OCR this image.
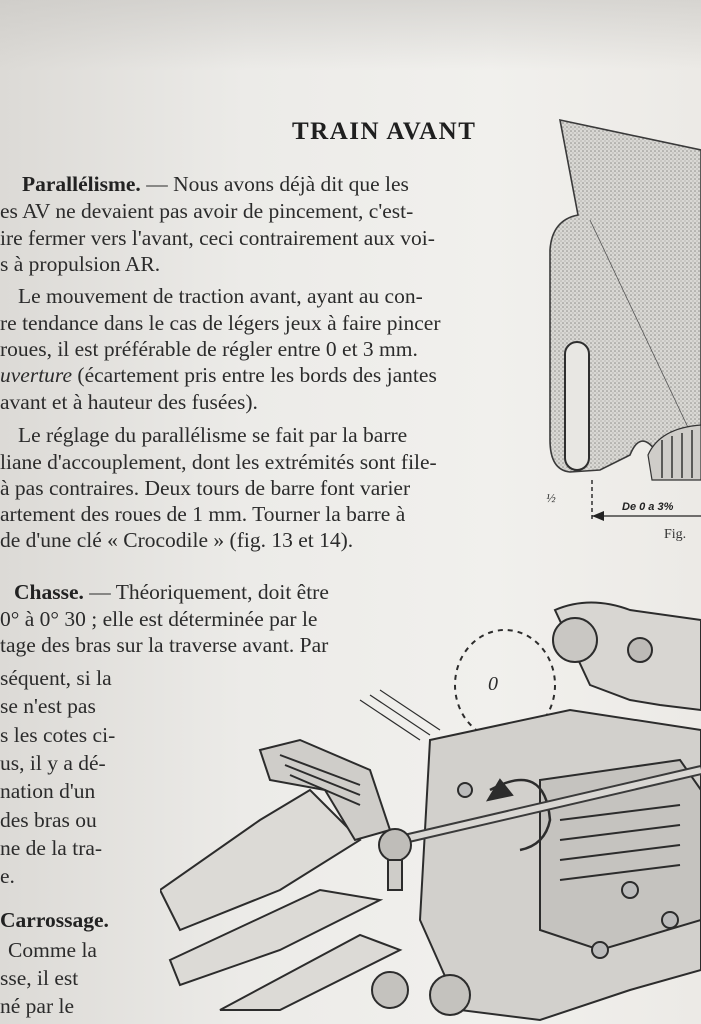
TRAIN AVANT
Parallélisme. — Nous avons déjà dit que les
es AV ne devaient pas avoir de pincement, c'est-
ire fermer vers l'avant, ceci contrairement aux voi-
s à propulsion AR.
Le mouvement de traction avant, ayant au con-
re tendance dans le cas de légers jeux à faire pincer
roues, il est préférable de régler entre 0 et 3 mm.
uverture (écartement pris entre les bords des jantes
avant et à hauteur des fusées).
Le réglage du parallélisme se fait par la barre
liane d'accouplement, dont les extrémités sont file-
à pas contraires. Deux tours de barre font varier
artement des roues de 1 mm. Tourner la barre à
de d'une clé « Crocodile » (fig. 13 et 14).
Chasse. — Théoriquement, doit être
0° à 0° 30 ; elle est déterminée par le
tage des bras sur la traverse avant. Par
séquent, si la
se n'est pas
s les cotes ci-
us, il y a dé-
nation d'un
des bras ou
ne de la tra-
e.
Carrossage.
Comme la
sse, il est
né par le
De 0 a 3%
½
Fig.
0
